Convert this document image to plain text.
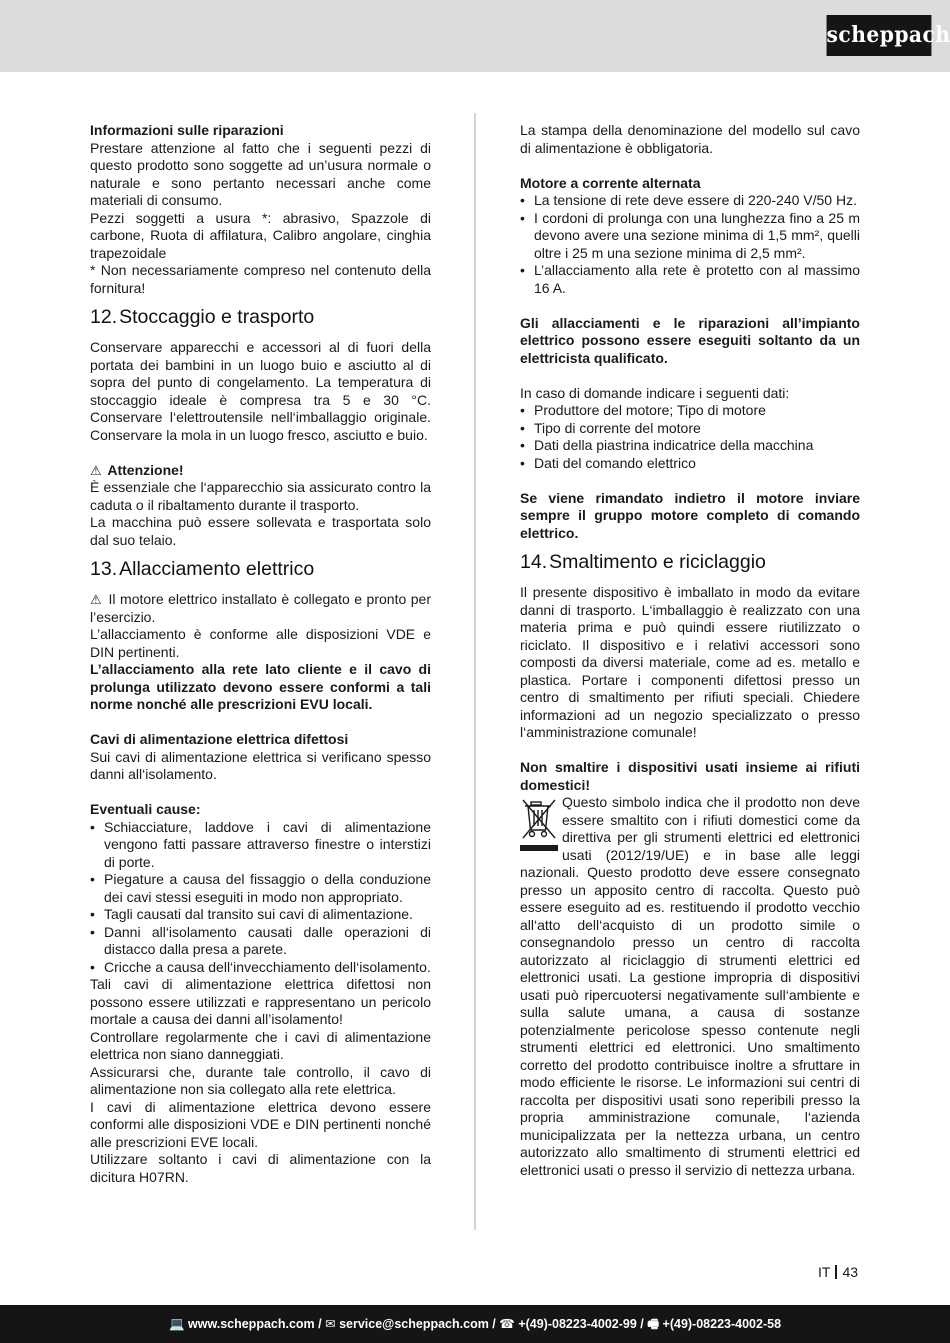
scheppach

Informazioni sulle riparazioni

Prestare attenzione al fatto che i seguenti pezzi di questo prodotto sono soggette ad un’usura normale o naturale e sono pertanto necessari anche come materiali di consumo.

Pezzi soggetti a usura *: abrasivo, Spazzole di carbone, Ruota di affilatura, Calibro angolare, cinghia trapezoidale

* Non necessariamente compreso nel contenuto della fornitura!

12. Stoccaggio e trasporto

Conservare apparecchi e accessori al di fuori della portata dei bambini in un luogo buio e asciutto al di sopra del punto di congelamento. La temperatura di stoccaggio ideale è compresa tra 5 e 30 °C. Conservare l‘elettroutensile nell‘imballaggio originale. Conservare la mola in un luogo fresco, asciutto e buio.

⚠ Attenzione!

È essenziale che l‘apparecchio sia assicurato contro la caduta o il ribaltamento durante il trasporto.

La macchina può essere sollevata e trasportata solo dal suo telaio.

13. Allacciamento elettrico

⚠ Il motore elettrico installato è collegato e pronto per l’esercizio.

L’allacciamento è conforme alle disposizioni VDE e DIN pertinenti.

L’allacciamento alla rete lato cliente e il cavo di prolunga utilizzato devono essere conformi a tali norme nonché alle prescrizioni EVU locali.

Cavi di alimentazione elettrica difettosi

Sui cavi di alimentazione elettrica si verificano spesso danni all‘isolamento.

Eventuali cause:

• Schiacciature, laddove i cavi di alimentazione vengono fatti passare attraverso finestre o interstizi di porte.
• Piegature a causa del fissaggio o della conduzione dei cavi stessi eseguiti in modo non appropriato.
• Tagli causati dal transito sui cavi di alimentazione.
• Danni all‘isolamento causati dalle operazioni di distacco dalla presa a parete.
• Cricche a causa dell‘invecchiamento dell‘isolamento.

Tali cavi di alimentazione elettrica difettosi non possono essere utilizzati e rappresentano un pericolo mortale a causa dei danni all’isolamento!

Controllare regolarmente che i cavi di alimentazione elettrica non siano danneggiati.

Assicurarsi che, durante tale controllo, il cavo di alimentazione non sia collegato alla rete elettrica.

I cavi di alimentazione elettrica devono essere conformi alle disposizioni VDE e DIN pertinenti nonché alle prescrizioni EVE locali.

Utilizzare soltanto i cavi di alimentazione con la dicitura H07RN.

La stampa della denominazione del modello sul cavo di alimentazione è obbligatoria.

Motore a corrente alternata

• La tensione di rete deve essere di 220-240 V/50 Hz.
• I cordoni di prolunga con una lunghezza fino a 25 m devono avere una sezione minima di 1,5 mm², quelli oltre i 25 m una sezione minima di 2,5 mm².
• L’allacciamento alla rete è protetto con al massimo 16 A.

Gli allacciamenti e le riparazioni all’impianto elettrico possono essere eseguiti soltanto da un elettricista qualificato.

In caso di domande indicare i seguenti dati:

• Produttore del motore; Tipo di motore
• Tipo di corrente del motore
• Dati della piastrina indicatrice della macchina
• Dati del comando elettrico

Se viene rimandato indietro il motore inviare sempre il gruppo motore completo di comando elettrico.

14. Smaltimento e riciclaggio

Il presente dispositivo è imballato in modo da evitare danni di trasporto. L‘imballaggio è realizzato con una materia prima e può quindi essere riutilizzato o riciclato. Il dispositivo e i relativi accessori sono composti da diversi materiale, come ad es. metallo e plastica. Portare i componenti difettosi presso un centro di smaltimento per rifiuti speciali. Chiedere informazioni ad un negozio specializzato o presso l‘amministrazione comunale!

Non smaltire i dispositivi usati insieme ai rifiuti domestici!

Questo simbolo indica che il prodotto non deve essere smaltito con i rifiuti domestici come da direttiva per gli strumenti elettrici ed elettronici usati (2012/19/UE) e in base alle leggi nazionali. Questo prodotto deve essere consegnato presso un apposito centro di raccolta. Questo può essere eseguito ad es. restituendo il prodotto vecchio all‘atto dell‘acquisto di un prodotto simile o consegnandolo presso un centro di raccolta autorizzato al riciclaggio di strumenti elettrici ed elettronici usati. La gestione impropria di dispositivi usati può ripercuotersi negativamente sull‘ambiente e sulla salute umana, a causa di sostanze potenzialmente pericolose spesso contenute negli strumenti elettrici ed elettronici. Uno smaltimento corretto del prodotto contribuisce inoltre a sfruttare in modo efficiente le risorse. Le informazioni sui centri di raccolta per dispositivi usati sono reperibili presso la propria amministrazione comunale, l‘azienda municipalizzata per la nettezza urbana, un centro autorizzato allo smaltimento di strumenti elettrici ed elettronici usati o presso il servizio di nettezza urbana.

IT 43
💻 www.scheppach.com / ✉ service@scheppach.com / ☎ +(49)-08223-4002-99 / 🖷 +(49)-08223-4002-58
